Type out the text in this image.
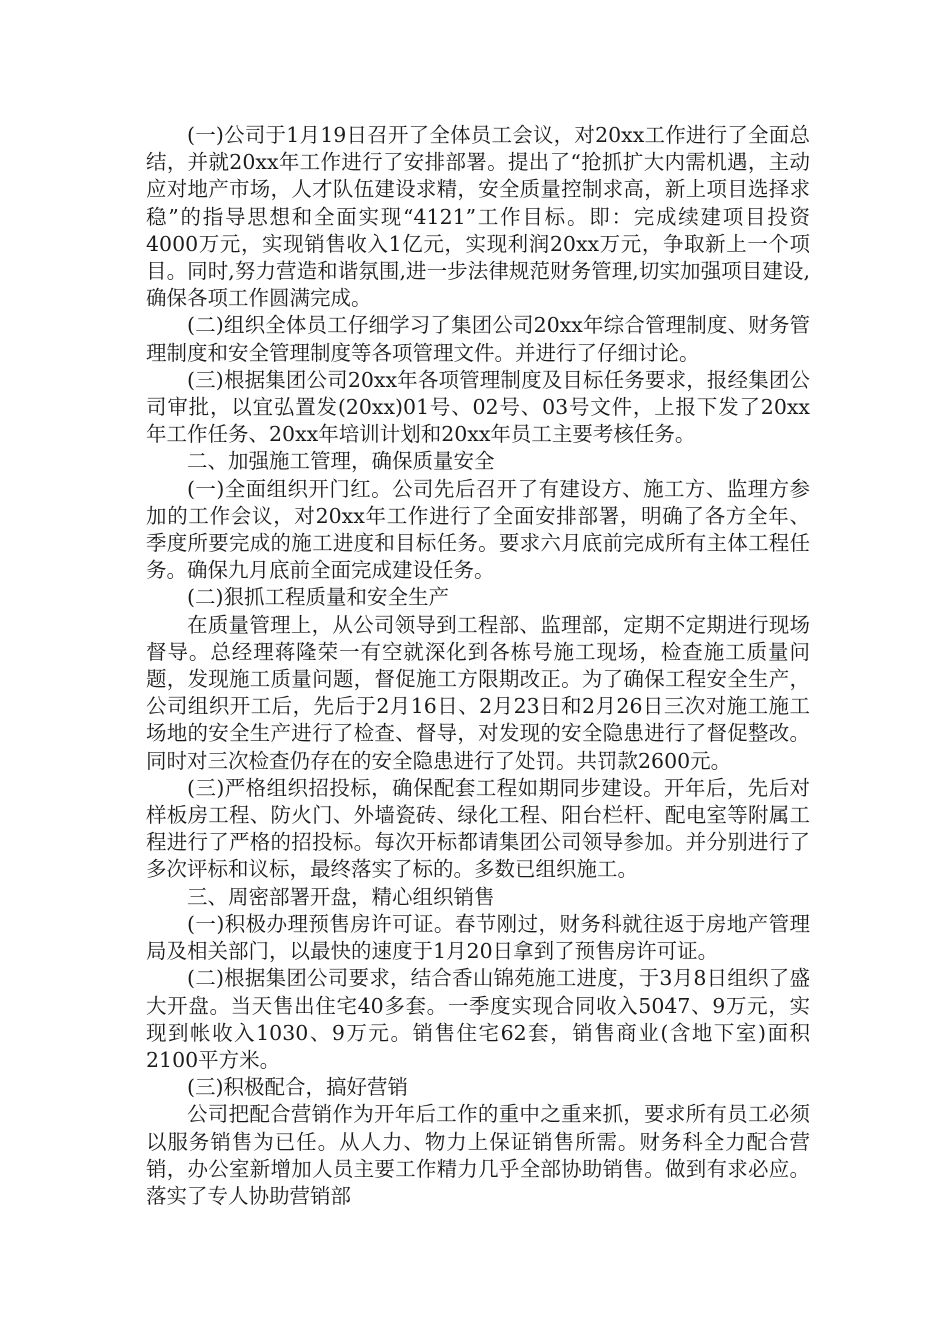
(一)公司于1月19日召开了全体员工会议，对20xx工作进行了全面总结，并就20xx年工作进行了安排部署。提出了“抢抓扩大内需机遇，主动应对地产市场，人才队伍建设求精，安全质量控制求高，新上项目选择求稳”的指导思想和全面实现“4121”工作目标。即：完成续建项目投资4000万元，实现销售收入1亿元，实现利润20xx万元，争取新上一个项目。同时,努力营造和谐氛围,进一步法律规范财务管理,切实加强项目建设,确保各项工作圆满完成。

(二)组织全体员工仔细学习了集团公司20xx年综合管理制度、财务管理制度和安全管理制度等各项管理文件。并进行了仔细讨论。

(三)根据集团公司20xx年各项管理制度及目标任务要求，报经集团公司审批，以宜弘置发(20xx)01号、02号、03号文件，上报下发了20xx年工作任务、20xx年培训计划和20xx年员工主要考核任务。

二、加强施工管理，确保质量安全

(一)全面组织开门红。公司先后召开了有建设方、施工方、监理方参加的工作会议，对20xx年工作进行了全面安排部署，明确了各方全年、季度所要完成的施工进度和目标任务。要求六月底前完成所有主体工程任务。确保九月底前全面完成建设任务。

(二)狠抓工程质量和安全生产

在质量管理上，从公司领导到工程部、监理部，定期不定期进行现场督导。总经理蒋隆荣一有空就深化到各栋号施工现场，检查施工质量问题，发现施工质量问题，督促施工方限期改正。为了确保工程安全生产，公司组织开工后，先后于2月16日、2月23日和2月26日三次对施工施工场地的安全生产进行了检查、督导，对发现的安全隐患进行了督促整改。同时对三次检查仍存在的安全隐患进行了处罚。共罚款2600元。

(三)严格组织招投标，确保配套工程如期同步建设。开年后，先后对样板房工程、防火门、外墙瓷砖、绿化工程、阳台栏杆、配电室等附属工程进行了严格的招投标。每次开标都请集团公司领导参加。并分别进行了多次评标和议标，最终落实了标的。多数已组织施工。

三、周密部署开盘，精心组织销售

(一)积极办理预售房许可证。春节刚过，财务科就往返于房地产管理局及相关部门，以最快的速度于1月20日拿到了预售房许可证。

(二)根据集团公司要求，结合香山锦苑施工进度，于3月8日组织了盛大开盘。当天售出住宅40多套。一季度实现合同收入5047、9万元，实现到帐收入1030、9万元。销售住宅62套，销售商业(含地下室)面积2100平方米。

(三)积极配合，搞好营销

公司把配合营销作为开年后工作的重中之重来抓，要求所有员工必须以服务销售为已任。从人力、物力上保证销售所需。财务科全力配合营销，办公室新增加人员主要工作精力几乎全部协助销售。做到有求必应。落实了专人协助营销部
